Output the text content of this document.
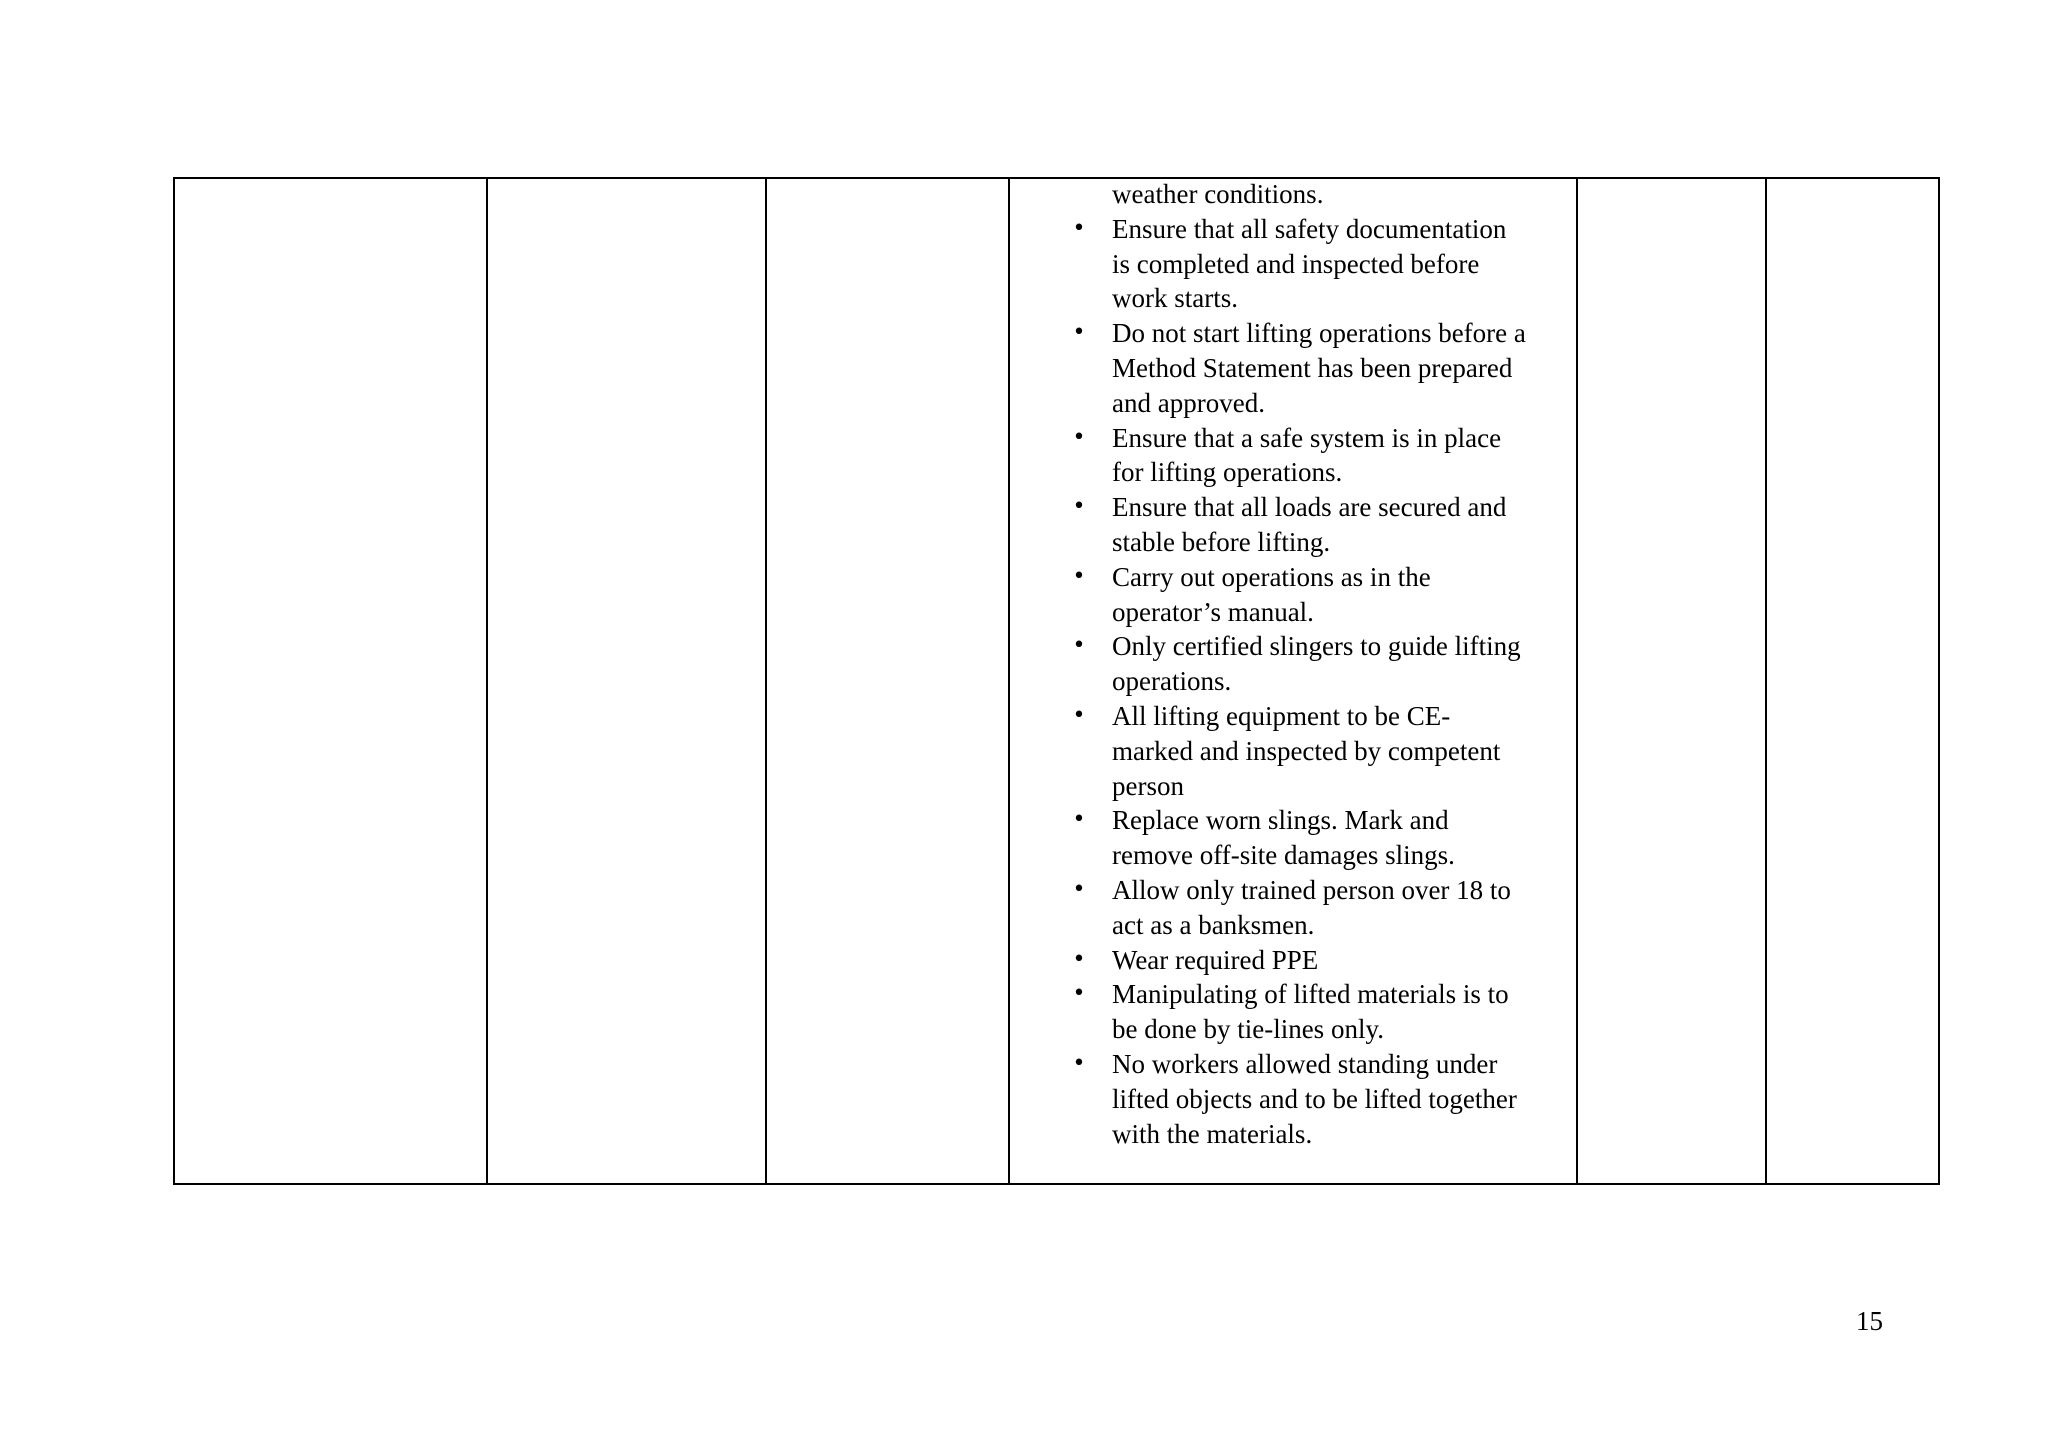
weather conditions.
• Ensure that all safety documentation
is completed and inspected before
work starts.
• Do not start lifting operations before a
Method Statement has been prepared
and approved.
• Ensure that a safe system is in place
for lifting operations.
• Ensure that all loads are secured and
stable before lifting.
• Carry out operations as in the
operator’s manual.
• Only certified slingers to guide lifting
operations.
• All lifting equipment to be CE-
marked and inspected by competent
person
• Replace worn slings. Mark and
remove off-site damages slings.
• Allow only trained person over 18 to
act as a banksmen.
• Wear required PPE
• Manipulating of lifted materials is to
be done by tie-lines only.
• No workers allowed standing under
lifted objects and to be lifted together
with the materials.
15
